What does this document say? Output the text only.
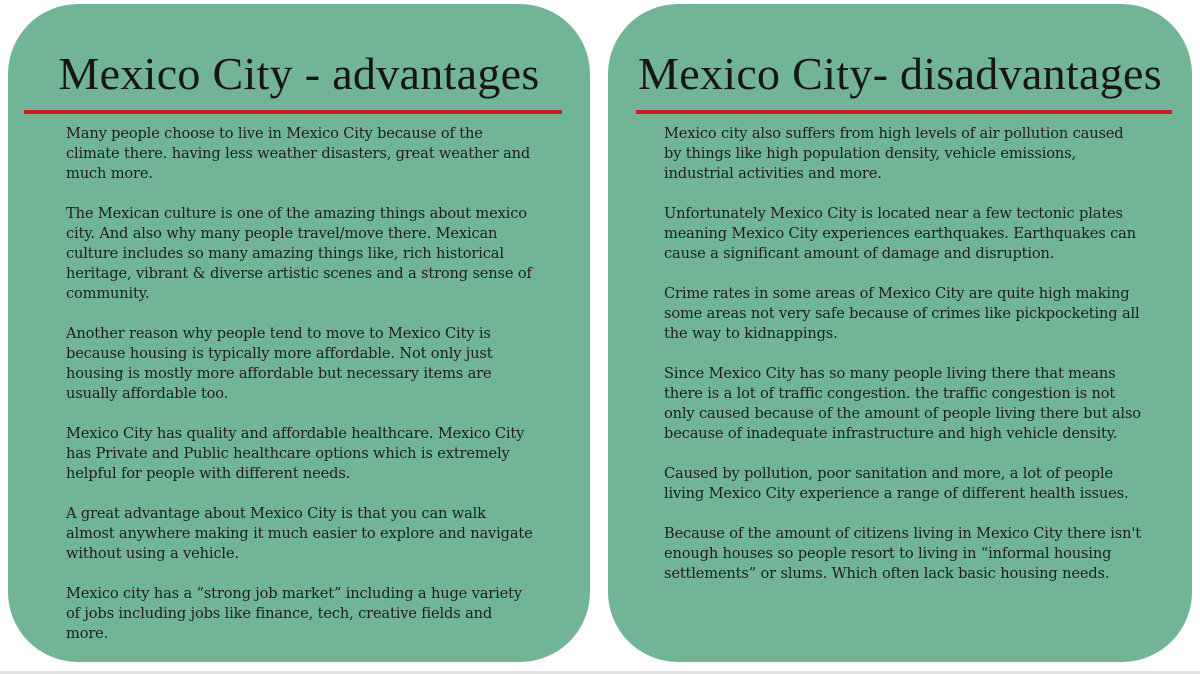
Mexico City - advantages

Many people choose to live in Mexico City because of the climate there. having less weather disasters, great weather and much more.

The Mexican culture is one of the amazing things about mexico city. And also why many people travel/move there. Mexican culture includes so many amazing things like, rich historical heritage, vibrant & diverse artistic scenes and a strong sense of community.

Another reason why people tend to move to Mexico City is because housing is typically more affordable. Not only just housing is mostly more affordable but necessary items are usually affordable too.

Mexico City has quality and affordable healthcare. Mexico City has Private and Public healthcare options which is extremely helpful for people with different needs.

A great advantage about Mexico City is that you can walk almost anywhere making it much easier to explore and navigate without using a vehicle.

Mexico city has a “strong job market” including a huge variety of jobs including jobs like finance, tech, creative fields and more.

Mexico City- disadvantages

Mexico city also suffers from high levels of air pollution caused by things like high population density, vehicle emissions, industrial activities and more.

Unfortunately Mexico City is located near a few tectonic plates meaning Mexico City experiences earthquakes. Earthquakes can cause a significant amount of damage and disruption.

Crime rates in some areas of Mexico City are quite high making some areas not very safe because of crimes like pickpocketing all the way to kidnappings.

Since Mexico City has so many people living there that means there is a lot of traffic congestion. the traffic congestion is not only caused because of the amount of people living there but also because of inadequate infrastructure and high vehicle density.

Caused by pollution, poor sanitation and more, a lot of people living Mexico City experience a range of different health issues.

Because of the amount of citizens living in Mexico City there isn't enough houses so people resort to living in “informal housing settlements” or slums. Which often lack basic housing needs.
